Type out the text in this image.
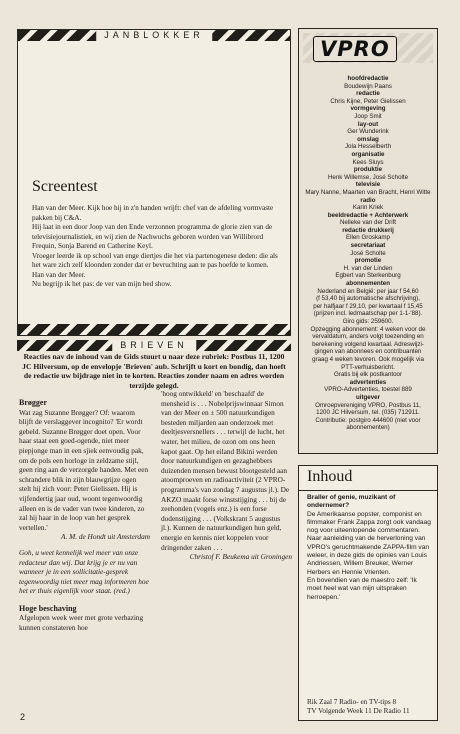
JANBLOKKER
Screentest

Han van der Meer. Kijk hoe hij in z'n handen wrijft: chef van de afdeling vormvaste pakken bij C&A.

Hij laat in een door Joop van den Ende verzonnen programma de glorie zien van de televisiejournalistiek, en wij zien de Nachwuchs geboren worden van Willibrord Frequin, Sonja Barend en Catherine Keyl.

Vroeger leerde ik op school van enge diertjes die het via partenogenese deden: die als het ware zich zelf kloonden zonder dat er bevruchting aan te pas hoefde te komen.

Han van der Meer.

Nu begrijp ik het pas: de ver van mijn bed show.

BRIEVEN
Reacties nav de inhoud van de Gids stuurt u naar deze rubriek: Postbus 11, 1200 JC Hilversum, op de envelopje 'Brieven' aub. Schrijft u kort en bondig, dan hoeft de redactie uw bijdrage niet in te korten. Reacties zonder naam en adres worden terzijde gelegd.

Brøgger

Wat zag Suzanne Brøgger? Of: waarom blijft de verslaggever incognito? 'Er wordt gebeld. Suzanne Brøgger doet open. Voor haar staat een goed-ogende, niet meer piepjonge man in een sjiek eenvoudig pak, om de pols een horloge in zeldzame stijl, geen ring aan de verzorgde handen. Met een schrandere blik in zijn blauwgrijze ogen stelt hij zich voor: Peter Gielissen. Hij is vijfendertig jaar oud, woont tegenwoordig alleen en is de vader van twee kinderen, zo zal hij haar in de loop van het gesprek vertellen.'

A. M. de Hondt uit Amsterdam

Goh, u weet kennelijk wel meer van onze redacteur dan wij. Dat krijg je er nu van wanneer je in een sollicitatie-gesprek tegenwoordig niet meer mag informeren hoe het er thuis eigenlijk voor staat. (red.)

Hoge beschaving

Afgelopen week weer met grote verbazing kunnen constateren hoe

'hoog ontwikkeld' en 'beschaafd' de mensheid is . . . Nobelprijswinnaar Simon van der Meer en ± 500 natuurkundigen besteden miljarden aan onderzoek met deeltjesversnellers . . . terwijl de lucht, het water, het milieu, de ozon om ons heen kapot gaat. Op het eiland Bikini werden door natuurkundigen en gezaghebbers duizenden mensen bewust blootgesteld aan atoomproeven en radioactiviteit (2 VPRO-programma's van zondag 7 augustus jl.). De AKZO maakt forse winststijging . . . bij de zeehonden (vogels enz.) is een forse dodenstijging . . . (Volkskrant 5 augustus jl.). Kunnen de natuurkundigen hun geld, energie en kennis niet koppelen voor dringender zaken . . .

Christof F. Beukema uit Groningen

VPRO
hoofdredactie
Boudewijn Paans
redactie
Chris Kijne, Peter Gielissen
vormgeving
Joop Smit
lay-out
Ger Wunderink
omslag
Jola Hesselberth
organisatie
Kees Sluys
produktie
Henk Willemse, José Scholte
televisie
Mary Nanne, Maarten van Bracht, Henri Witte
radio
Karin Kriek
beeldredactie + Achterwerk
Nelleke van der Drift
redactie drukkerij
Ellen Groskamp
secretariaat
José Scholte
promotie
H. van der Linden
Egbert van Sterkenburg
abonnementen
Nederland en België: per jaar f 54,60
(f 53,40 bij automatische afschrijving),
per halfjaar f 29,10, per kwartaal f 15,45
(prijzen incl. ledmaatschap per 1-1-'88).
Giro gids: 259600.
Opzegging abonnement: 4 weken voor de
vervaldatum, anders volgt toezending en
berekening volgend kwartaal. Adreswijzi-
gingen van abonnees en contribuanten
graag 4 weken tevoren. Ook mogelijk via
PTT-verhuisbericht.
Gratis bij elk postkantoor
advertenties
VPRO-Advertenties, toestel 889
uitgever
Omroepvereniging VPRO, Postbus 11,
1200 JC Hilversum, tel. (035) 712911.
Contributie: postgiro 444600 (niet voor
abonnementen)
Inhoud

Braller of genie, muzikant of ondernemer?

De Amerikaanse popster, componist en filmmaker Frank Zappa zorgt ook vandaag nog voor uiteenlopende commentaren.

Naar aanleiding van de herverloning van VPRO's geruchtmakende ZAPPA-film van weleer, in deze gids de opinies van Louis Andriessen, Willem Breuker, Werner Herbers en Hennie Vrienten.

En bovendien van de maestro zelf: 'Ik moet heel wat van mijn uitspraken herroepen.'

Rik Zaal 7 Radio- en TV-tips 8

TV Volgende Week 11 De Radio 11

2
